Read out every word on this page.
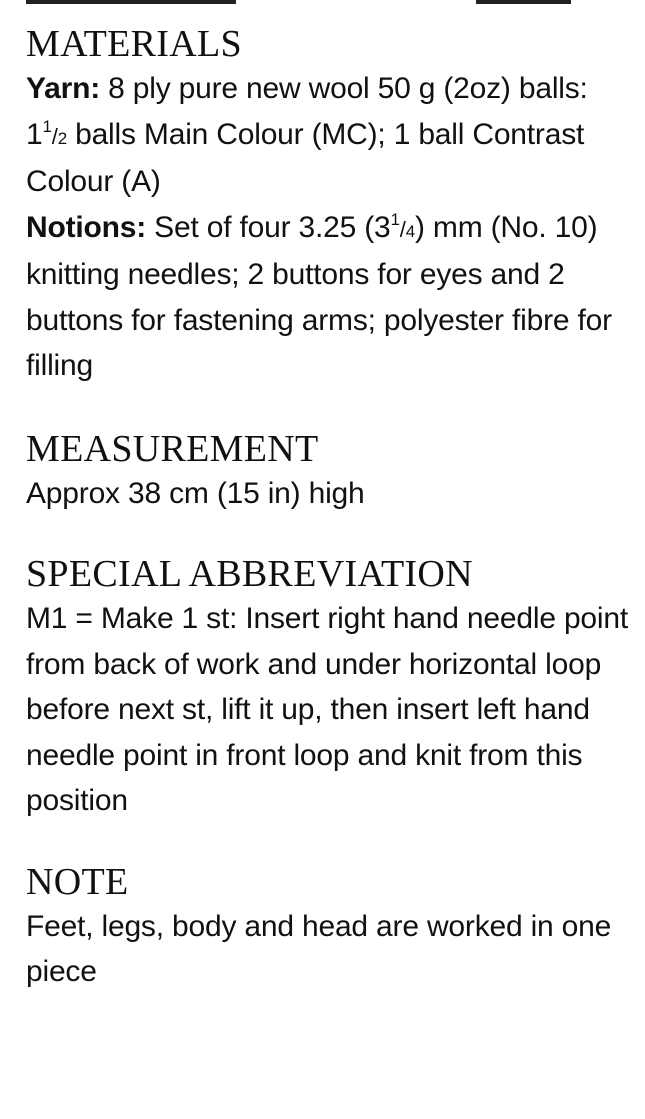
MATERIALS

Yarn: 8 ply pure new wool 50 g (2oz) balls: $1^1/2$ balls Main Colour (MC); 1 ball Contrast Colour (A)

Notions: Set of four 3.25 $(3^1/4)$ mm (No. 10) knitting needles; 2 buttons for eyes and 2 buttons for fastening arms; polyester fibre for filling

MEASUREMENT

Approx 38 cm (15 in) high

SPECIAL ABBREVIATION

M1 = Make 1 st: Insert right hand needle point from back of work and under horizontal loop before next st, lift it up, then insert left hand needle point in front loop and knit from this position

NOTE

Feet, legs, body and head are worked in one piece
